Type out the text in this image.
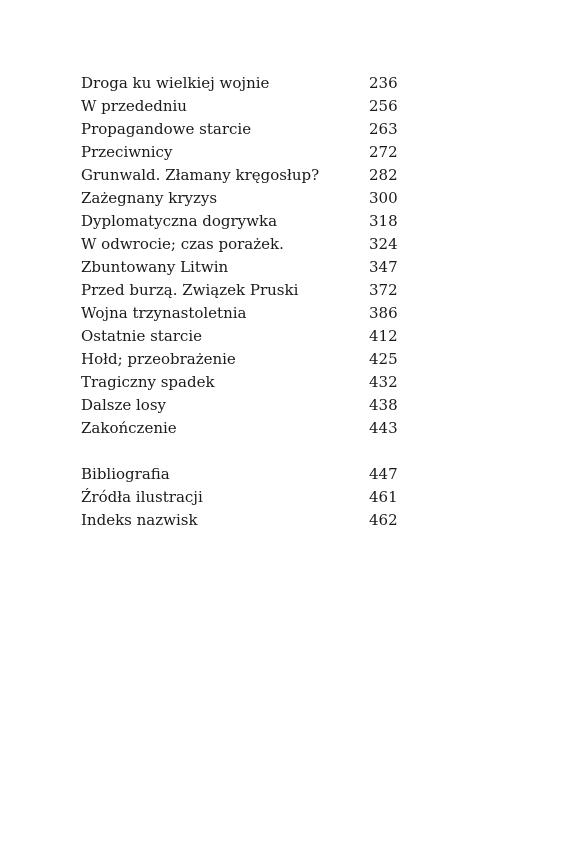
Droga ku wielkiej wojnie	236
W przededniu	256
Propagandowe starcie	263
Przeciwnicy	272
Grunwald. Złamany kręgosłup?	282
Zażegnany kryzys	300
Dyplomatyczna dogrywka	318
W odwrocie; czas porażek.	324
Zbuntowany Litwin	347
Przed burzą. Związek Pruski	372
Wojna trzynastoletnia	386
Ostatnie starcie	412
Hołd; przeobrażenie	425
Tragiczny spadek	432
Dalsze losy	438
Zakończenie	443
Bibliografia	447
Źródła ilustracji	461
Indeks nazwisk	462
